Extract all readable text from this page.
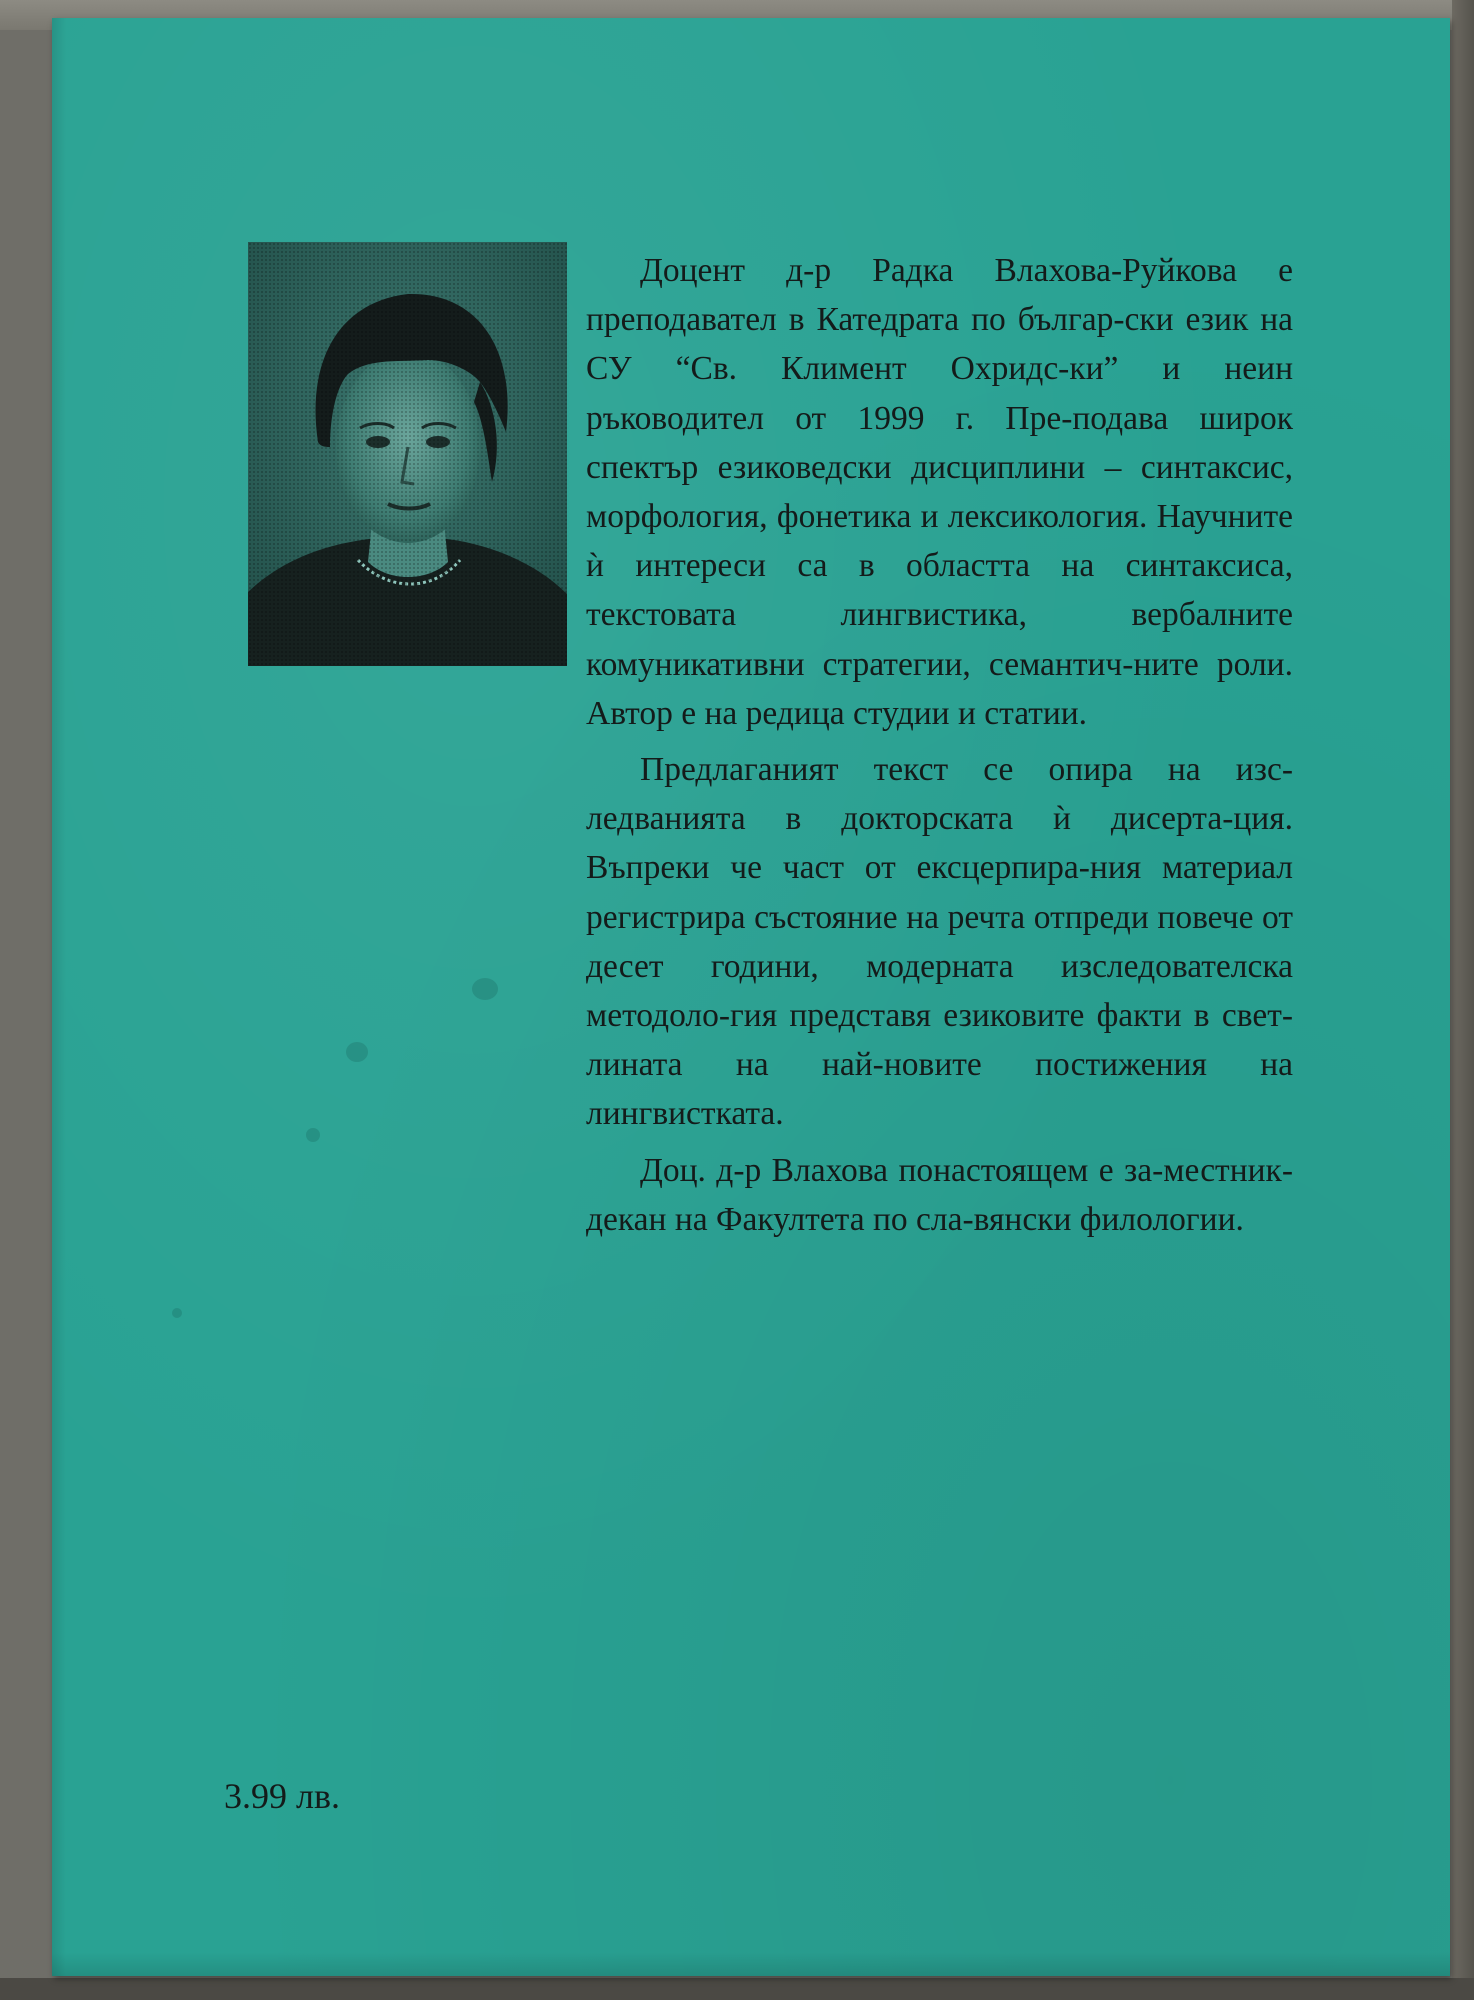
Доцент д-р Радка Влахова-Руйкова е преподавател в Катедрата по българ-ски език на СУ “Св. Климент Охридс-ки” и неин ръководител от 1999 г. Пре-подава широк спектър езиковедски дисциплини – синтаксис, морфология, фонетика и лексикология. Научните ѝ интереси са в областта на синтаксиса, текстовата лингвистика, вербалните комуникативни стратегии, семантич-ните роли. Автор е на редица студии и статии.

Предлаганият текст се опира на изс-ледванията в докторската ѝ дисерта-ция. Въпреки че част от ексцерпира-ния материал регистрира състояние на речта отпреди повече от десет години, модерната изследователска методоло-гия представя езиковите факти в свет-лината на най-новите постижения на лингвистката.

Доц. д-р Влахова понастоящем е за-местник-декан на Факултета по сла-вянски филологии.

3.99 лв.
